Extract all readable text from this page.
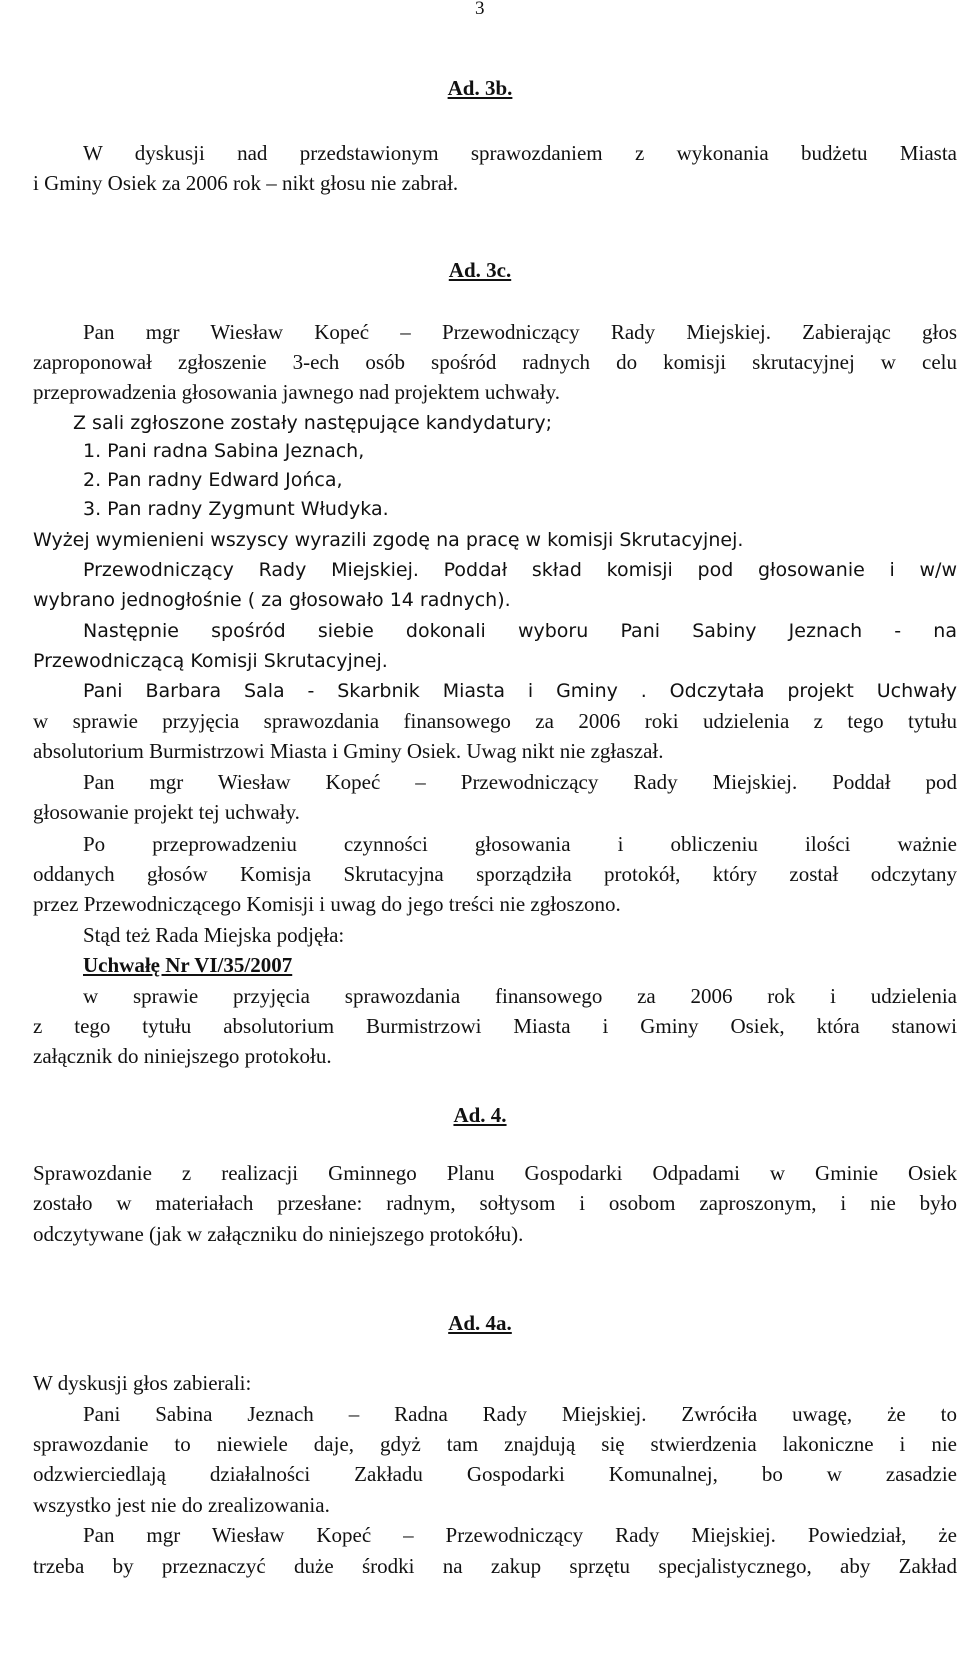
3
Ad. 3b.
W dyskusji nad przedstawionym sprawozdaniem z wykonania budżetu Miasta
i Gminy Osiek za 2006 rok – nikt głosu nie zabrał.
Ad. 3c.
Pan mgr Wiesław Kopeć – Przewodniczący Rady Miejskiej. Zabierając głos
zaproponował zgłoszenie 3-ech osób spośród radnych do komisji skrutacyjnej w celu
przeprowadzenia głosowania jawnego nad projektem uchwały.
Z sali zgłoszone zostały następujące kandydatury;
1. Pani radna Sabina Jeznach,
2. Pan radny Edward Jońca,
3. Pan radny Zygmunt Włudyka.
Wyżej wymienieni wszyscy wyrazili zgodę na pracę w komisji Skrutacyjnej.
Przewodniczący Rady Miejskiej. Poddał skład komisji pod głosowanie i w/w
wybrano jednogłośnie ( za głosowało 14 radnych).
Następnie spośród siebie dokonali wyboru Pani Sabiny Jeznach - na
Przewodniczącą Komisji Skrutacyjnej.
Pani Barbara Sala - Skarbnik Miasta i Gminy . Odczytała projekt Uchwały
w sprawie przyjęcia sprawozdania finansowego za 2006 roki udzielenia z tego tytułu
absolutorium Burmistrzowi Miasta i Gminy Osiek. Uwag nikt nie zgłaszał.
Pan mgr Wiesław Kopeć – Przewodniczący Rady Miejskiej. Poddał pod
głosowanie projekt tej uchwały.
Po przeprowadzeniu czynności głosowania i obliczeniu ilości ważnie
oddanych głosów Komisja Skrutacyjna sporządziła protokół, który został odczytany
przez Przewodniczącego Komisji i uwag do jego treści nie zgłoszono.
Stąd też Rada Miejska podjęła:
Uchwałę Nr VI/35/2007
w sprawie przyjęcia sprawozdania finansowego za 2006 rok i udzielenia
z tego tytułu absolutorium Burmistrzowi Miasta i Gminy Osiek, która stanowi
załącznik do niniejszego protokołu.
Ad. 4.
Sprawozdanie z realizacji Gminnego Planu Gospodarki Odpadami w Gminie Osiek
zostało w materiałach przesłane: radnym, sołtysom i osobom zaproszonym, i nie było
odczytywane (jak w załączniku do niniejszego protokółu).
Ad. 4a.
W dyskusji głos zabierali:
Pani Sabina Jeznach – Radna Rady Miejskiej. Zwróciła uwagę, że to
sprawozdanie to niewiele daje, gdyż tam znajdują się stwierdzenia lakoniczne i nie
odzwierciedlają działalności Zakładu Gospodarki Komunalnej, bo w zasadzie
wszystko jest nie do zrealizowania.
Pan mgr Wiesław Kopeć – Przewodniczący Rady Miejskiej. Powiedział, że
trzeba by przeznaczyć duże środki na zakup sprzętu specjalistycznego, aby Zakład
